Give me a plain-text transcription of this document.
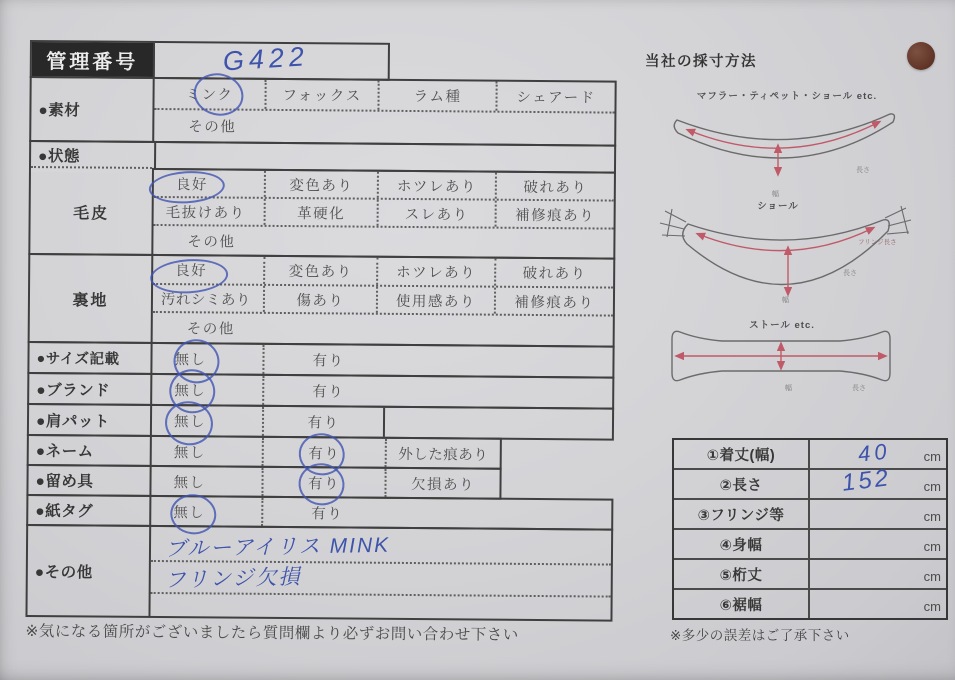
管理番号	G422
●素材
ミンク	フォックス	ラム種	シェアード
その他
●状態
毛皮
良好	変色あり	ホツレあり	破れあり
毛抜けあり	革硬化	スレあり	補修痕あり
その他
裏地
良好	変色あり	ホツレあり	破れあり
汚れシミあり	傷あり	使用感あり	補修痕あり
その他
●サイズ記載	無し	有り
●ブランド	無し	有り
●肩パット	無し	有り
●ネーム	無し	有り	外した痕あり
●留め具	無し	有り	欠損あり
●紙タグ	無し	有り
●その他
ブルーアイリス MINK
フリンジ欠損
※気になる箇所がございましたら質問欄より必ずお問い合わせ下さい
当社の採寸方法
マフラー・ティペット・ショール etc.
幅
長さ
ショール
フリンジ長さ
長さ
幅
ストール etc.
幅	長さ
①着丈(幅)	40 cm
②長さ	152 cm
③フリンジ等	cm
④身幅	cm
⑤桁丈	cm
⑥裾幅	cm
※多少の誤差はご了承下さい
